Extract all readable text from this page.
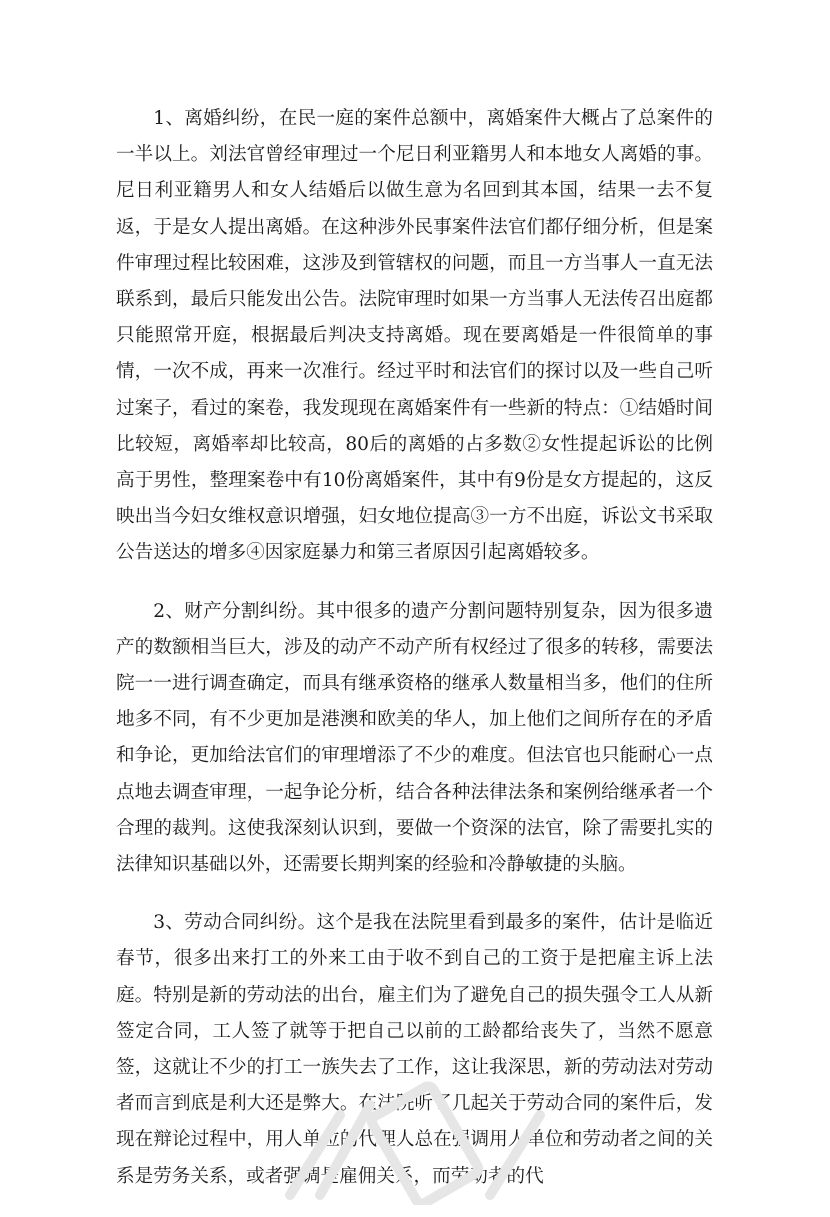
1、离婚纠纷，在民一庭的案件总额中，离婚案件大概占了总案件的一半以上。刘法官曾经审理过一个尼日利亚籍男人和本地女人离婚的事。尼日利亚籍男人和女人结婚后以做生意为名回到其本国，结果一去不复返，于是女人提出离婚。在这种涉外民事案件法官们都仔细分析，但是案件审理过程比较困难，这涉及到管辖权的问题，而且一方当事人一直无法联系到，最后只能发出公告。法院审理时如果一方当事人无法传召出庭都只能照常开庭，根据最后判决支持离婚。现在要离婚是一件很简单的事情，一次不成，再来一次准行。经过平时和法官们的探讨以及一些自己听过案子，看过的案卷，我发现现在离婚案件有一些新的特点：①结婚时间比较短，离婚率却比较高，80后的离婚的占多数②女性提起诉讼的比例高于男性，整理案卷中有10份离婚案件，其中有9份是女方提起的，这反映出当今妇女维权意识增强，妇女地位提高③一方不出庭，诉讼文书采取公告送达的增多④因家庭暴力和第三者原因引起离婚较多。

2、财产分割纠纷。其中很多的遗产分割问题特别复杂，因为很多遗产的数额相当巨大，涉及的动产不动产所有权经过了很多的转移，需要法院一一进行调查确定，而具有继承资格的继承人数量相当多，他们的住所地多不同，有不少更加是港澳和欧美的华人，加上他们之间所存在的矛盾和争论，更加给法官们的审理增添了不少的难度。但法官也只能耐心一点点地去调查审理，一起争论分析，结合各种法律法条和案例给继承者一个合理的裁判。这使我深刻认识到，要做一个资深的法官，除了需要扎实的法律知识基础以外，还需要长期判案的经验和冷静敏捷的头脑。

3、劳动合同纠纷。这个是我在法院里看到最多的案件，估计是临近春节，很多出来打工的外来工由于收不到自己的工资于是把雇主诉上法庭。特别是新的劳动法的出台，雇主们为了避免自己的损失强令工人从新签定合同，工人签了就等于把自己以前的工龄都给丧失了，当然不愿意签，这就让不少的打工一族失去了工作，这让我深思，新的劳动法对劳动者而言到底是利大还是弊大。在法院听了几起关于劳动合同的案件后，发现在辩论过程中，用人单位的代理人总在强调用人单位和劳动者之间的关系是劳务关系，或者强调是雇佣关系，而劳动者的代
